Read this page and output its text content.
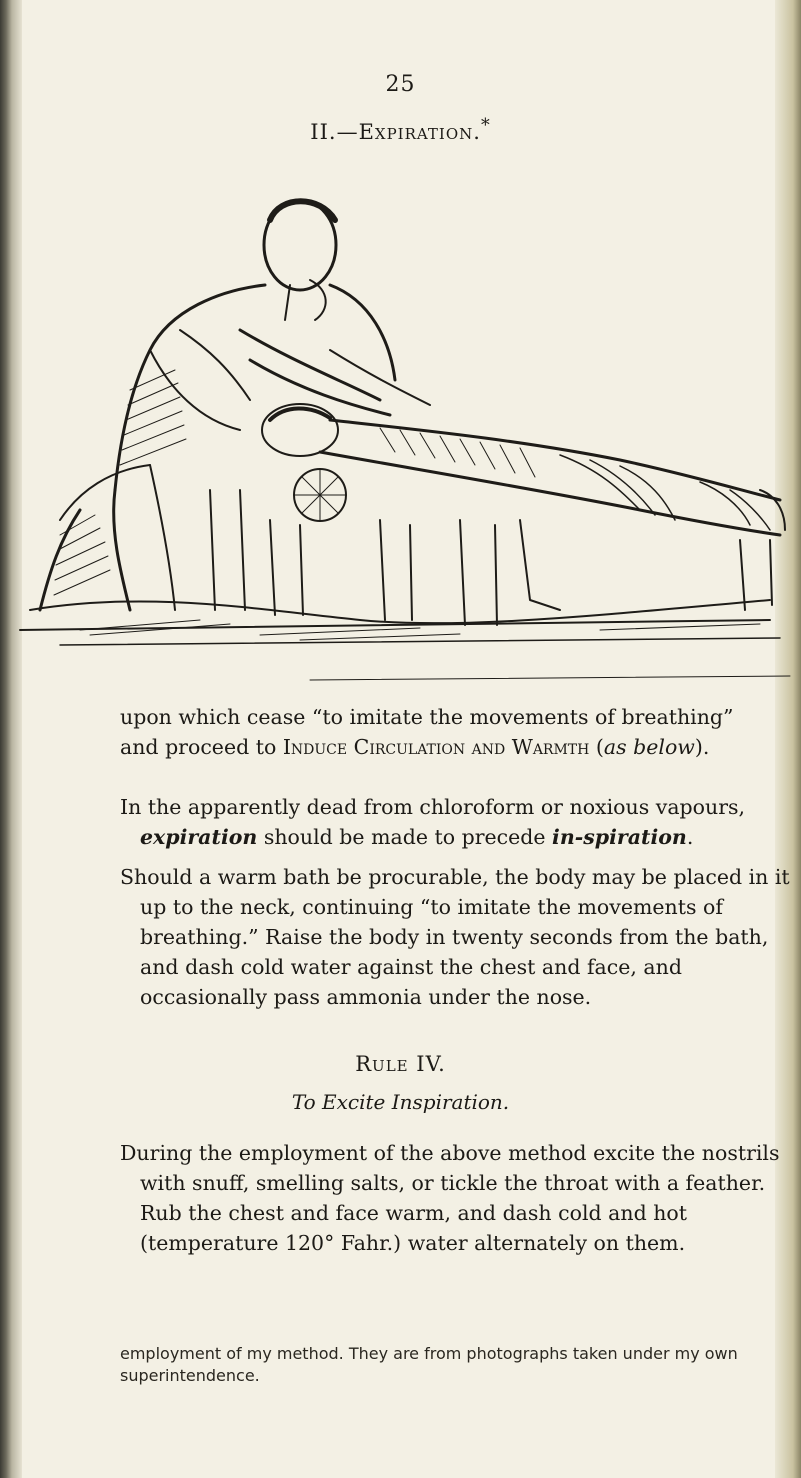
25
II.—Expiration.*

upon which cease “to imitate the movements of breathing” and proceed to Induce Circulation and Warmth (as below).

In the apparently dead from chloroform or noxious vapours, expiration should be made to precede in-spiration.

Should a warm bath be procurable, the body may be placed in it up to the neck, continuing “to imitate the movements of breathing.” Raise the body in twenty seconds from the bath, and dash cold water against the chest and face, and occasionally pass ammonia under the nose.

Rule IV.
To Excite Inspiration.

During the employment of the above method excite the nostrils with snuff, smelling salts, or tickle the throat with a feather. Rub the chest and face warm, and dash cold and hot (temperature 120° Fahr.) water alternately on them.

employment of my method. They are from photographs taken under my own superintendence.
